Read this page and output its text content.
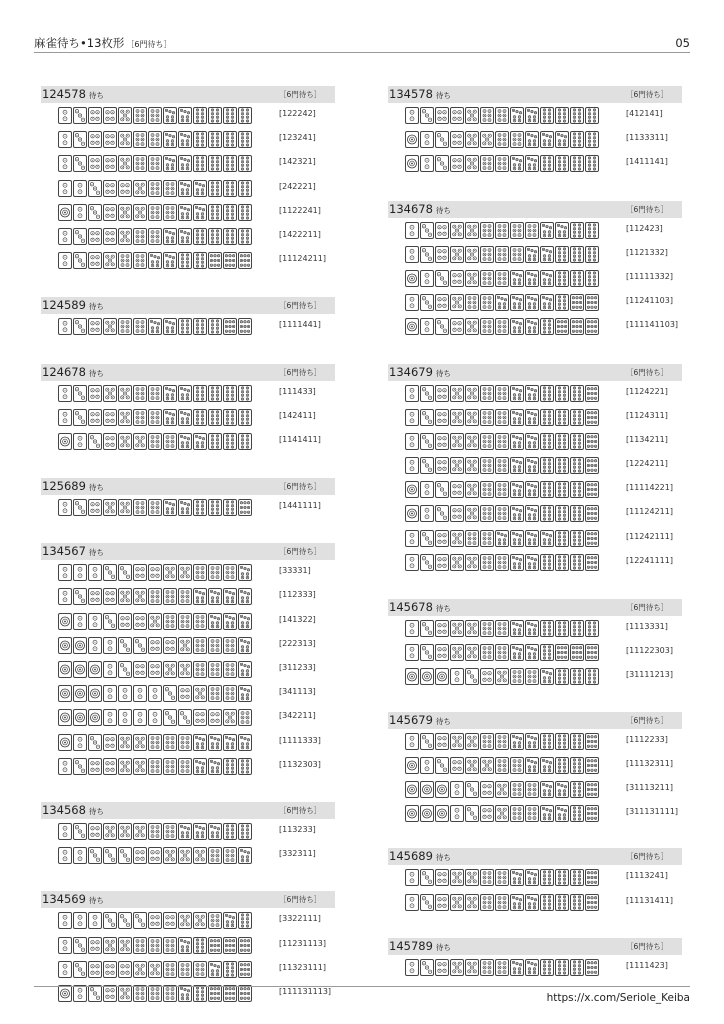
麻雀待ち•13枚形 ［6門待ち］	05
124578 待ち	［6門待ち］
[122242]
[123241]
[142321]
[242221]
[1122241]
[1422211]
[11124211]
124589 待ち	［6門待ち］
[1111441]
124678 待ち	［6門待ち］
[111433]
[142411]
[1141411]
125689 待ち	［6門待ち］
[1441111]
134567 待ち	［6門待ち］
[33331]
[112333]
[141322]
[222313]
[311233]
[341113]
[342211]
[1111333]
[1132303]
134568 待ち	［6門待ち］
[113233]
[332311]
134569 待ち	［6門待ち］
[3322111]
[11231113]
[11323111]
[111131113]
134578 待ち	［6門待ち］
[412141]
[1133311]
[1411141]
134678 待ち	［6門待ち］
[112423]
[1121332]
[11111332]
[11241103]
[111141103]
134679 待ち	［6門待ち］
[1124221]
[1124311]
[1134211]
[1224211]
[11114221]
[11124211]
[11242111]
[12241111]
145678 待ち	［6門待ち］
[1113331]
[11122303]
[31111213]
145679 待ち	［6門待ち］
[1112233]
[11132311]
[31113211]
[311131111]
145689 待ち	［6門待ち］
[1113241]
[11131411]
145789 待ち	［6門待ち］
[1111423]
https://x.com/Seriole_Keiba
